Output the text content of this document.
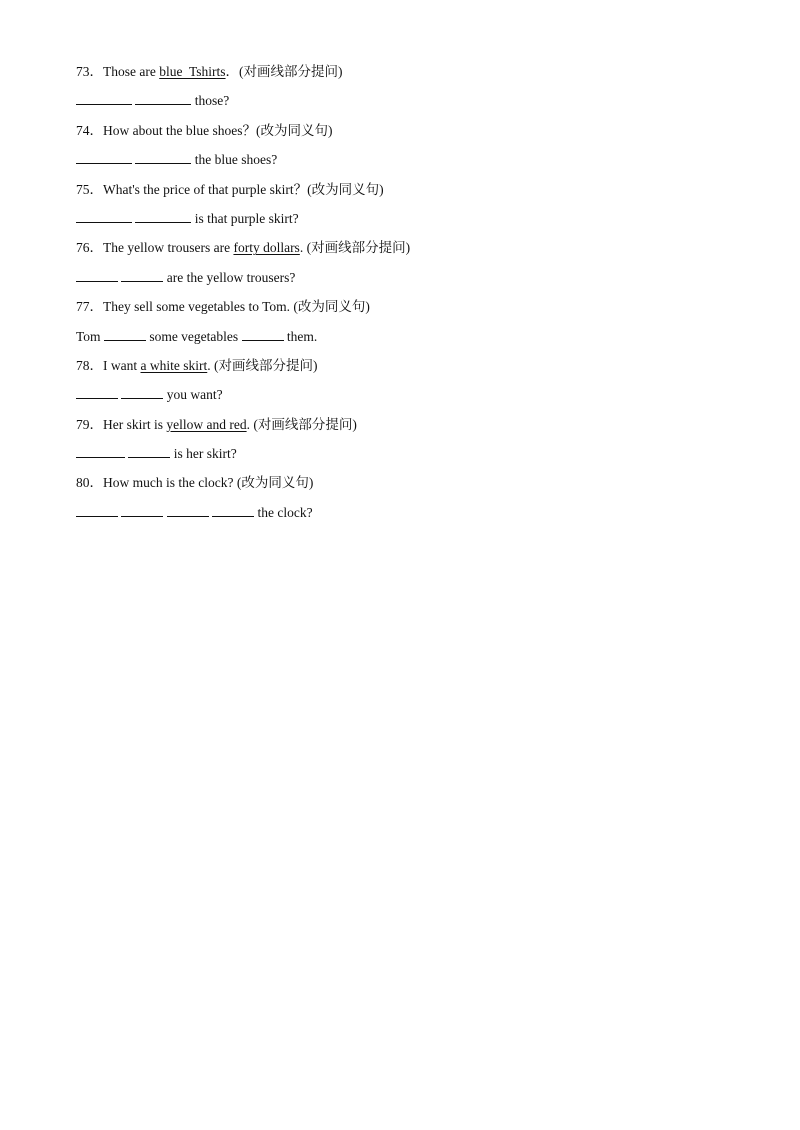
73．Those are blue  Tshirts．(对画线部分提问)
those?
74．How about the blue shoes？(改为同义句)
the blue shoes?
75．What's the price of that purple skirt？(改为同义句)
is that purple skirt?
76．The yellow trousers are forty dollars. (对画线部分提问)
are the yellow trousers?
77．They sell some vegetables to Tom. (改为同义句)
Tom	some vegetables	them.
78．I want a white skirt. (对画线部分提问)
you want?
79．Her skirt is yellow and red. (对画线部分提问)
is her skirt?
80．How much is the clock? (改为同义句)
the clock?
